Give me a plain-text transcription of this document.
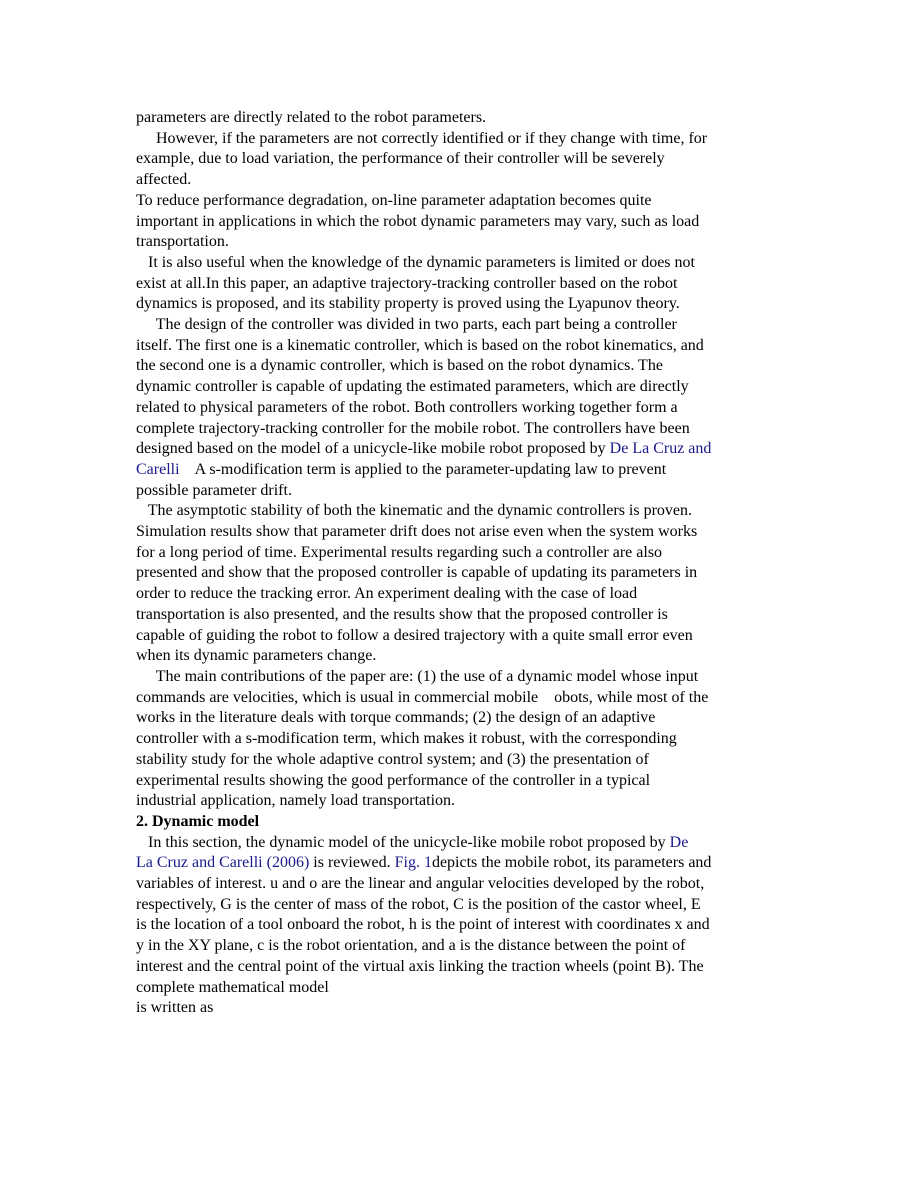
parameters are directly related to the robot parameters.
However, if the parameters are not correctly identified or if they change with time, for
example, due to load variation, the performance of their controller will be severely
affected.
To reduce performance degradation, on-line parameter adaptation becomes quite
important in applications in which the robot dynamic parameters may vary, such as load
transportation.
It is also useful when the knowledge of the dynamic parameters is limited or does not
exist at all.In this paper, an adaptive trajectory-tracking controller based on the robot
dynamics is proposed, and its stability property is proved using the Lyapunov theory.
The design of the controller was divided in two parts, each part being a controller
itself. The first one is a kinematic controller, which is based on the robot kinematics, and
the second one is a dynamic controller, which is based on the robot dynamics. The
dynamic controller is capable of updating the estimated parameters, which are directly
related to physical parameters of the robot. Both controllers working together form a
complete trajectory-tracking controller for the mobile robot. The controllers have been
designed based on the model of a unicycle-like mobile robot proposed by De La Cruz and
Carelli    A s-modification term is applied to the parameter-updating law to prevent
possible parameter drift.
The asymptotic stability of both the kinematic and the dynamic controllers is proven.
Simulation results show that parameter drift does not arise even when the system works
for a long period of time. Experimental results regarding such a controller are also
presented and show that the proposed controller is capable of updating its parameters in
order to reduce the tracking error. An experiment dealing with the case of load
transportation is also presented, and the results show that the proposed controller is
capable of guiding the robot to follow a desired trajectory with a quite small error even
when its dynamic parameters change.
The main contributions of the paper are: (1) the use of a dynamic model whose input
commands are velocities, which is usual in commercial mobile    obots, while most of the
works in the literature deals with torque commands; (2) the design of an adaptive
controller with a s-modification term, which makes it robust, with the corresponding
stability study for the whole adaptive control system; and (3) the presentation of
experimental results showing the good performance of the controller in a typical
industrial application, namely load transportation.
2. Dynamic model
In this section, the dynamic model of the unicycle-like mobile robot proposed by De
La Cruz and Carelli (2006) is reviewed. Fig. 1depicts the mobile robot, its parameters and
variables of interest. u and o are the linear and angular velocities developed by the robot,
respectively, G is the center of mass of the robot, C is the position of the castor wheel, E
is the location of a tool onboard the robot, h is the point of interest with coordinates x and
y in the XY plane, c is the robot orientation, and a is the distance between the point of
interest and the central point of the virtual axis linking the traction wheels (point B). The
complete mathematical model
is written as
